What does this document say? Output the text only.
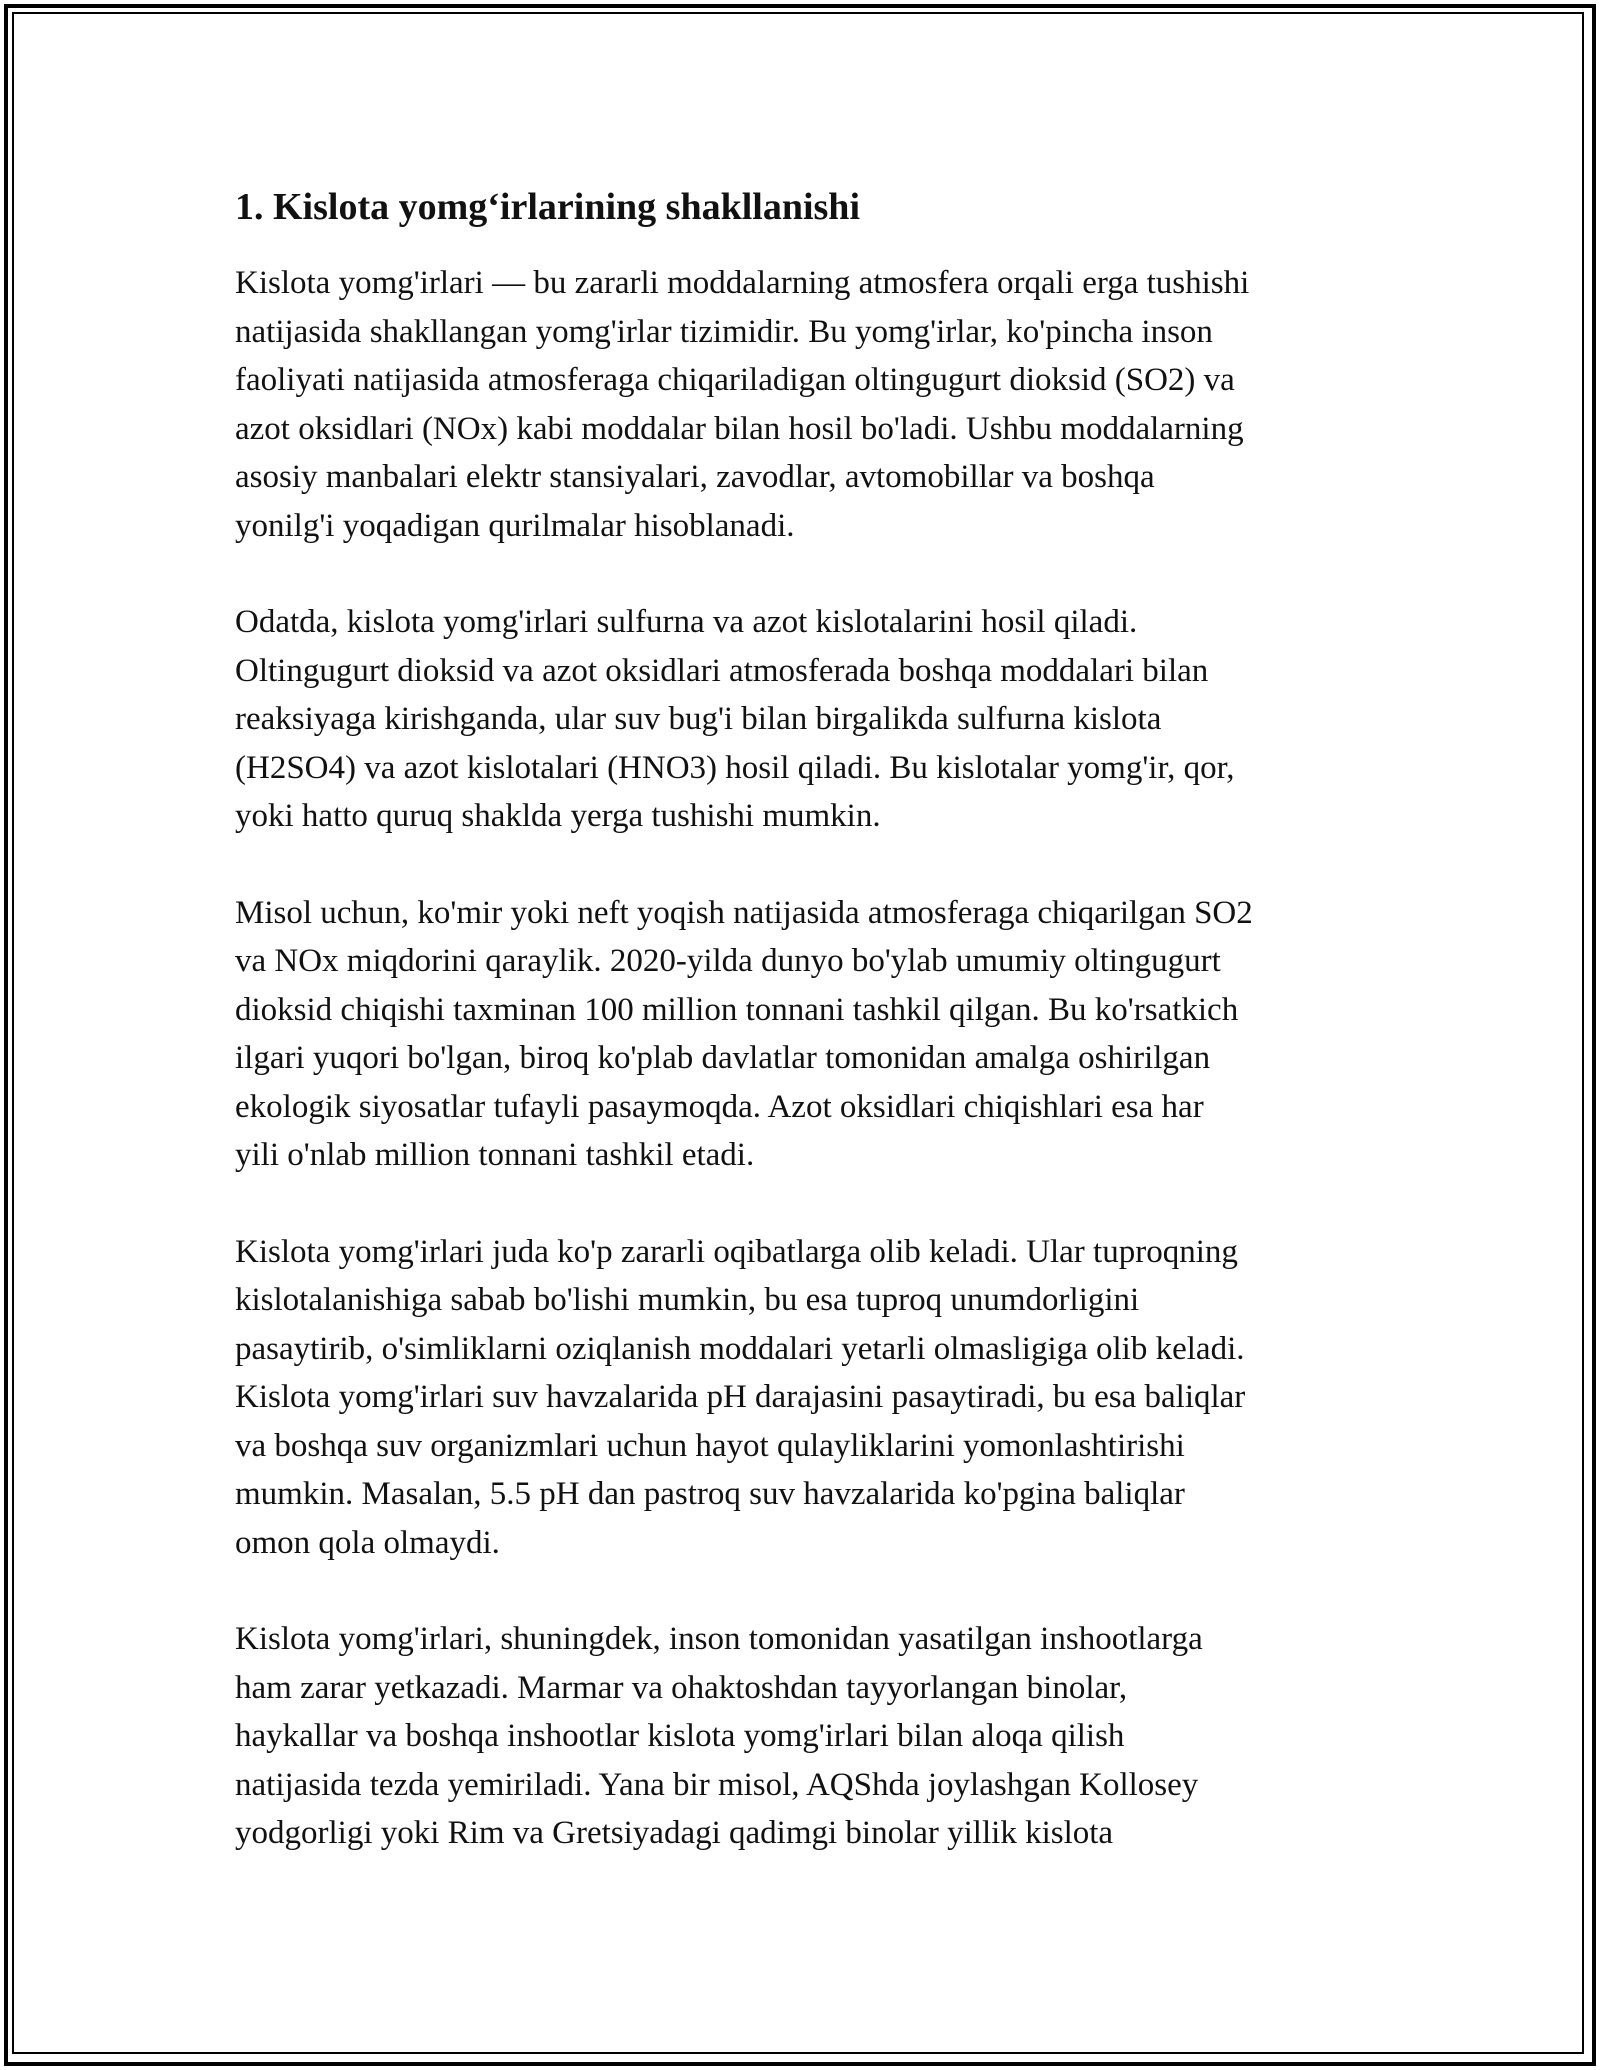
1. Kislota yomg‘irlarining shakllanishi
Kislota yomg'irlari — bu zararli moddalarning atmosfera orqali erga tushishi
natijasida shakllangan yomg'irlar tizimidir. Bu yomg'irlar, ko'pincha inson
faoliyati natijasida atmosferaga chiqariladigan oltingugurt dioksid (SO2) va
azot oksidlari (NOx) kabi moddalar bilan hosil bo'ladi. Ushbu moddalarning
asosiy manbalari elektr stansiyalari, zavodlar, avtomobillar va boshqa
yonilg'i yoqadigan qurilmalar hisoblanadi.
Odatda, kislota yomg'irlari sulfurna va azot kislotalarini hosil qiladi.
Oltingugurt dioksid va azot oksidlari atmosferada boshqa moddalari bilan
reaksiyaga kirishganda, ular suv bug'i bilan birgalikda sulfurna kislota
(H2SO4) va azot kislotalari (HNO3) hosil qiladi. Bu kislotalar yomg'ir, qor,
yoki hatto quruq shaklda yerga tushishi mumkin.
Misol uchun, ko'mir yoki neft yoqish natijasida atmosferaga chiqarilgan SO2
va NOx miqdorini qaraylik. 2020-yilda dunyo bo'ylab umumiy oltingugurt
dioksid chiqishi taxminan 100 million tonnani tashkil qilgan. Bu ko'rsatkich
ilgari yuqori bo'lgan, biroq ko'plab davlatlar tomonidan amalga oshirilgan
ekologik siyosatlar tufayli pasaymoqda. Azot oksidlari chiqishlari esa har
yili o'nlab million tonnani tashkil etadi.
Kislota yomg'irlari juda ko'p zararli oqibatlarga olib keladi. Ular tuproqning
kislotalanishiga sabab bo'lishi mumkin, bu esa tuproq unumdorligini
pasaytirib, o'simliklarni oziqlanish moddalari yetarli olmasligiga olib keladi.
Kislota yomg'irlari suv havzalarida pH darajasini pasaytiradi, bu esa baliqlar
va boshqa suv organizmlari uchun hayot qulayliklarini yomonlashtirishi
mumkin. Masalan, 5.5 pH dan pastroq suv havzalarida ko'pgina baliqlar
omon qola olmaydi.
Kislota yomg'irlari, shuningdek, inson tomonidan yasatilgan inshootlarga
ham zarar yetkazadi. Marmar va ohaktoshdan tayyorlangan binolar,
haykallar va boshqa inshootlar kislota yomg'irlari bilan aloqa qilish
natijasida tezda yemiriladi. Yana bir misol, AQShda joylashgan Kollosey
yodgorligi yoki Rim va Gretsiyadagi qadimgi binolar yillik kislota
